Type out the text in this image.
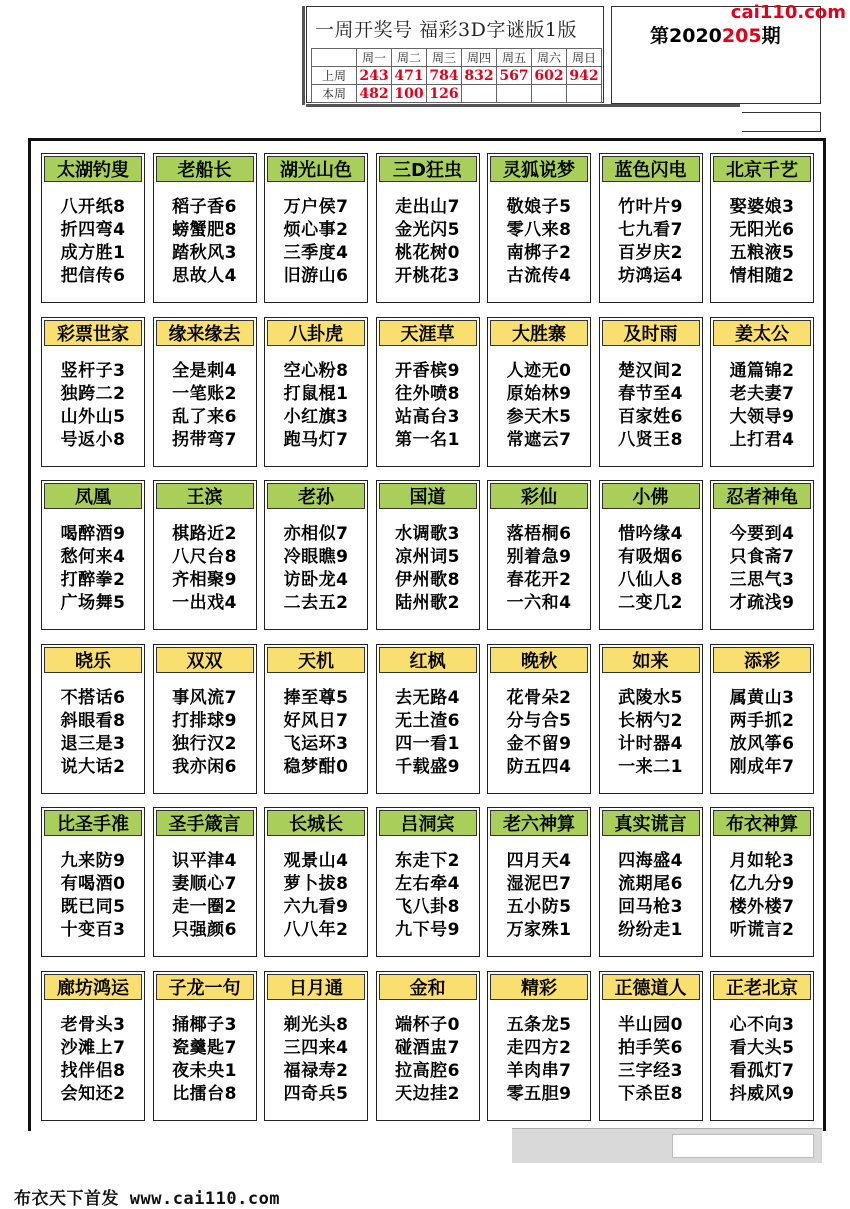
一周开奖号 福彩3D字谜版1版
	周一	周二	周三	周四	周五	周六	周日
上周	243	471	784	832	567	602	942
本周	482	100	126				
第2020205期
cai110.com
太湖钓叟
八开纸8
折四弯4
成方胜1
把信传6
老船长
稻子香6
螃蟹肥8
踏秋风3
思故人4
湖光山色
万户侯7
烦心事2
三季度4
旧游山6
三D狂虫
走出山7
金光闪5
桃花树0
开桃花3
灵狐说梦
敬娘子5
零八来8
南梆子2
古流传4
蓝色闪电
竹叶片9
七九看7
百岁庆2
坊鸿运4
北京千艺
娶婆娘3
无阳光6
五粮液5
情相随2
彩票世家
竖杆子3
独跨二2
山外山5
号返小8
缘来缘去
全是刺4
一笔账2
乱了来6
拐带弯7
八卦虎
空心粉8
打鼠棍1
小红旗3
跑马灯7
天涯草
开香槟9
往外喷8
站高台3
第一名1
大胜寨
人迹无0
原始林9
参天木5
常遮云7
及时雨
楚汉间2
春节至4
百家姓6
八贤王8
姜太公
通篇锦2
老夫妻7
大领导9
上打君4
凤凰
喝醉酒9
愁何来4
打醉拳2
广场舞5
王滨
棋路近2
八尺台8
齐相聚9
一出戏4
老孙
亦相似7
冷眼瞧9
访卧龙4
二去五2
国道
水调歌3
凉州词5
伊州歌8
陆州歌2
彩仙
落梧桐6
别着急9
春花开2
一六和4
小佛
惜吟缘4
有吸烟6
八仙人8
二变几2
忍者神龟
今要到4
只食斋7
三思气3
才疏浅9
晓乐
不搭话6
斜眼看8
退三是3
说大话2
双双
事风流7
打排球9
独行汉2
我亦闲6
天机
捧至尊5
好风日7
飞运环3
稳梦酣0
红枫
去无路4
无土渣6
四一看1
千载盛9
晚秋
花骨朵2
分与合5
金不留9
防五四4
如来
武陵水5
长柄勺2
计时器4
一来二1
添彩
属黄山3
两手抓2
放风筝6
刚成年7
比圣手准
九来防9
有喝酒0
既已同5
十变百3
圣手箴言
识平津4
妻顺心7
走一圈2
只强颜6
长城长
观景山4
萝卜拔8
六九看9
八八年2
吕洞宾
东走下2
左右牵4
飞八卦8
九下号9
老六神算
四月天4
湿泥巴7
五小防5
万家殊1
真实谎言
四海盛4
流期尾6
回马枪3
纷纷走1
布衣神算
月如轮3
亿九分9
楼外楼7
听谎言2
廊坊鸿运
老骨头3
沙滩上7
找伴侣8
会知还2
子龙一句
捅椰子3
瓷羹匙7
夜未央1
比擂台8
日月通
剃光头8
三四来4
福禄寿2
四奇兵5
金和
端杯子0
碰酒盅7
拉高腔6
天边挂2
精彩
五条龙5
走四方2
羊肉串7
零五胆9
正德道人
半山园0
拍手笑6
三字经3
下杀臣8
正老北京
心不向3
看大头5
看孤灯7
抖威风9
布衣天下首发 www.cai110.com
